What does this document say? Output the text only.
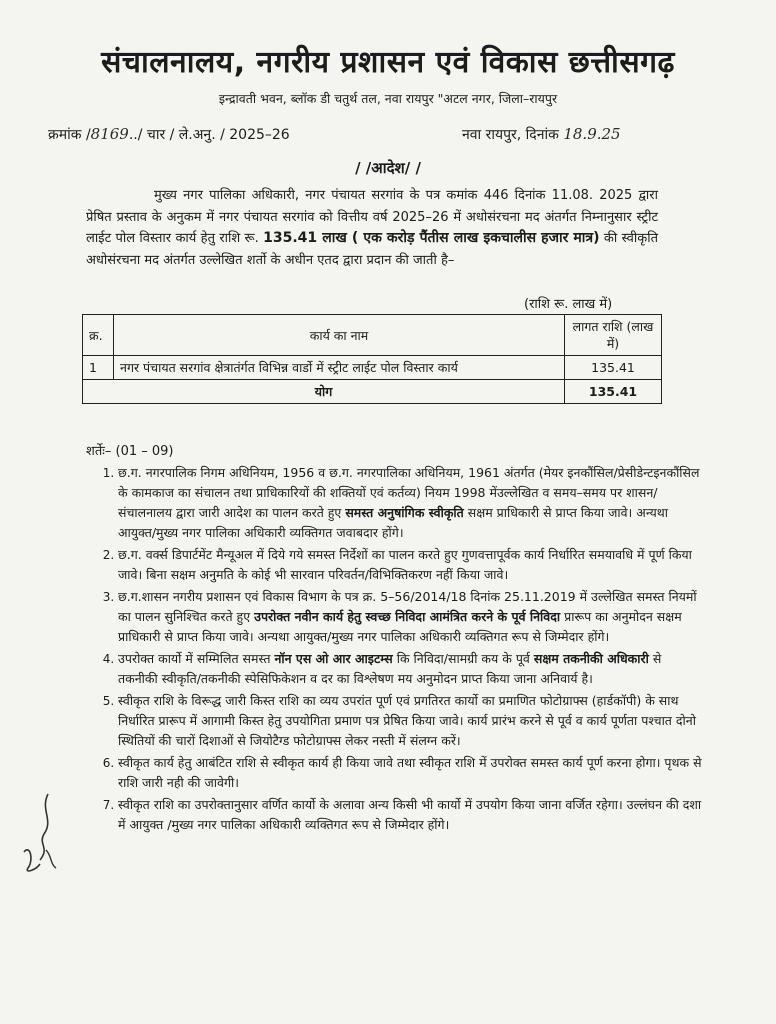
संचालनालय, नगरीय प्रशासन एवं विकास छत्तीसगढ़
इन्द्रावती भवन, ब्लॉक डी चतुर्थ तल, नवा रायपुर "अटल नगर, जिला–रायपुर
क्रमांक /8169../ चार / ले.अनु. / 2025–26	नवा रायपुर, दिनांक 18.9.25
/ /आदेश/ /
मुख्य नगर पालिका अधिकारी, नगर पंचायत सरगांव के पत्र कमांक 446 दिनांक 11.08. 2025 द्वारा प्रेषित प्रस्ताव के अनुकम में नगर पंचायत सरगांव को वित्तीय वर्ष 2025–26 में अधोसंरचना मद अंतर्गत निम्नानुसार स्ट्रीट लाईट पोल विस्तार कार्य हेतु राशि रू. 135.41 लाख ( एक करोड़ पैंतीस लाख इकचालीस हजार मात्र) की स्वीकृति अधोसंरचना मद अंतर्गत उल्लेखित शर्तो के अधीन एतद द्वारा प्रदान की जाती है–
(राशि रू. लाख में)
क्र.	कार्य का नाम	लागत राशि (लाख में)
1	नगर पंचायत सरगांव क्षेत्रातंर्गत विभिन्न वार्डो में स्ट्रीट लाईट पोल विस्तार कार्य	135.41
योग		135.41
शर्तेः– (01 – 09)
1. छ.ग. नगरपालिक निगम अधिनियम, 1956 व छ.ग. नगरपालिका अधिनियम, 1961 अंतर्गत (मेयर इनकौंसिल/प्रेसीडेन्टइनकौंसिल के कामकाज का संचालन तथा प्राधिकारियों की शक्तियों एवं कर्तव्य) नियम 1998 मेंउल्लेखित व समय–समय पर शासन/संचालनालय द्वारा जारी आदेश का पालन करते हुए समस्त अनुषांगिक स्वीकृति सक्षम प्राधिकारी से प्राप्त किया जावे। अन्यथा आयुक्त/मुख्य नगर पालिका अधिकारी व्यक्तिगत जवाबदार होंगे।
2. छ.ग. वर्क्स डिपार्टमेंट मैन्यूअल में दिये गये समस्त निर्देशों का पालन करते हुए गुणवत्तापूर्वक कार्य निर्धारित समयावधि में पूर्ण किया जावे। बिना सक्षम अनुमति के कोई भी सारवान परिवर्तन/विभिक्तिकरण नहीं किया जावे।
3. छ.ग.शासन नगरीय प्रशासन एवं विकास विभाग के पत्र क्र. 5–56/2014/18 दिनांक 25.11.2019 में उल्लेखित समस्त नियमों का पालन सुनिश्चित करते हुए उपरोक्त नवीन कार्य हेतु स्वच्छ निविदा आमंत्रित करने के पूर्व निविदा प्रारूप का अनुमोदन सक्षम प्राधिकारी से प्राप्त किया जावे। अन्यथा आयुक्त/मुख्य नगर पालिका अधिकारी व्यक्तिगत रूप से जिम्मेदार होंगे।
4. उपरोक्त कार्यो में सम्मिलित समस्त नॉन एस ओ आर आइटम्स कि निविदा/सामग्री कय के पूर्व सक्षम तकनीकी अधिकारी से तकनीकी स्वीकृति/तकनीकी स्पेसिफिकेशन व दर का विश्लेषण मय अनुमोदन प्राप्त किया जाना अनिवार्य है।
5. स्वीकृत राशि के विरूद्ध जारी किस्त राशि का व्यय उपरांत पूर्ण एवं प्रगतिरत कार्यो का प्रमाणित फोटोग्राफ्स (हार्डकॉपी) के साथ निर्धारित प्रारूप में आगामी किस्त हेतु उपयोगिता प्रमाण पत्र प्रेषित किया जावे। कार्य प्रारंभ करने से पूर्व व कार्य पूर्णता पश्चात दोनो स्थितियों की चारों दिशाओं से जियोटैग्ड फोटोग्राफ्स लेकर नस्ती में संलग्न करें।
6. स्वीकृत कार्य हेतु आबंटित राशि से स्वीकृत कार्य ही किया जावे तथा स्वीकृत राशि में उपरोक्त समस्त कार्य पूर्ण करना होगा। पृथक से राशि जारी नही की जावेगी।
7. स्वीकृत राशि का उपरोक्तानुसार वर्णित कार्यो के अलावा अन्य किसी भी कार्यो में उपयोग किया जाना वर्जित रहेगा। उल्लंघन की दशा में आयुक्त /मुख्य नगर पालिका अधिकारी व्यक्तिगत रूप से जिम्मेदार होंगे।
